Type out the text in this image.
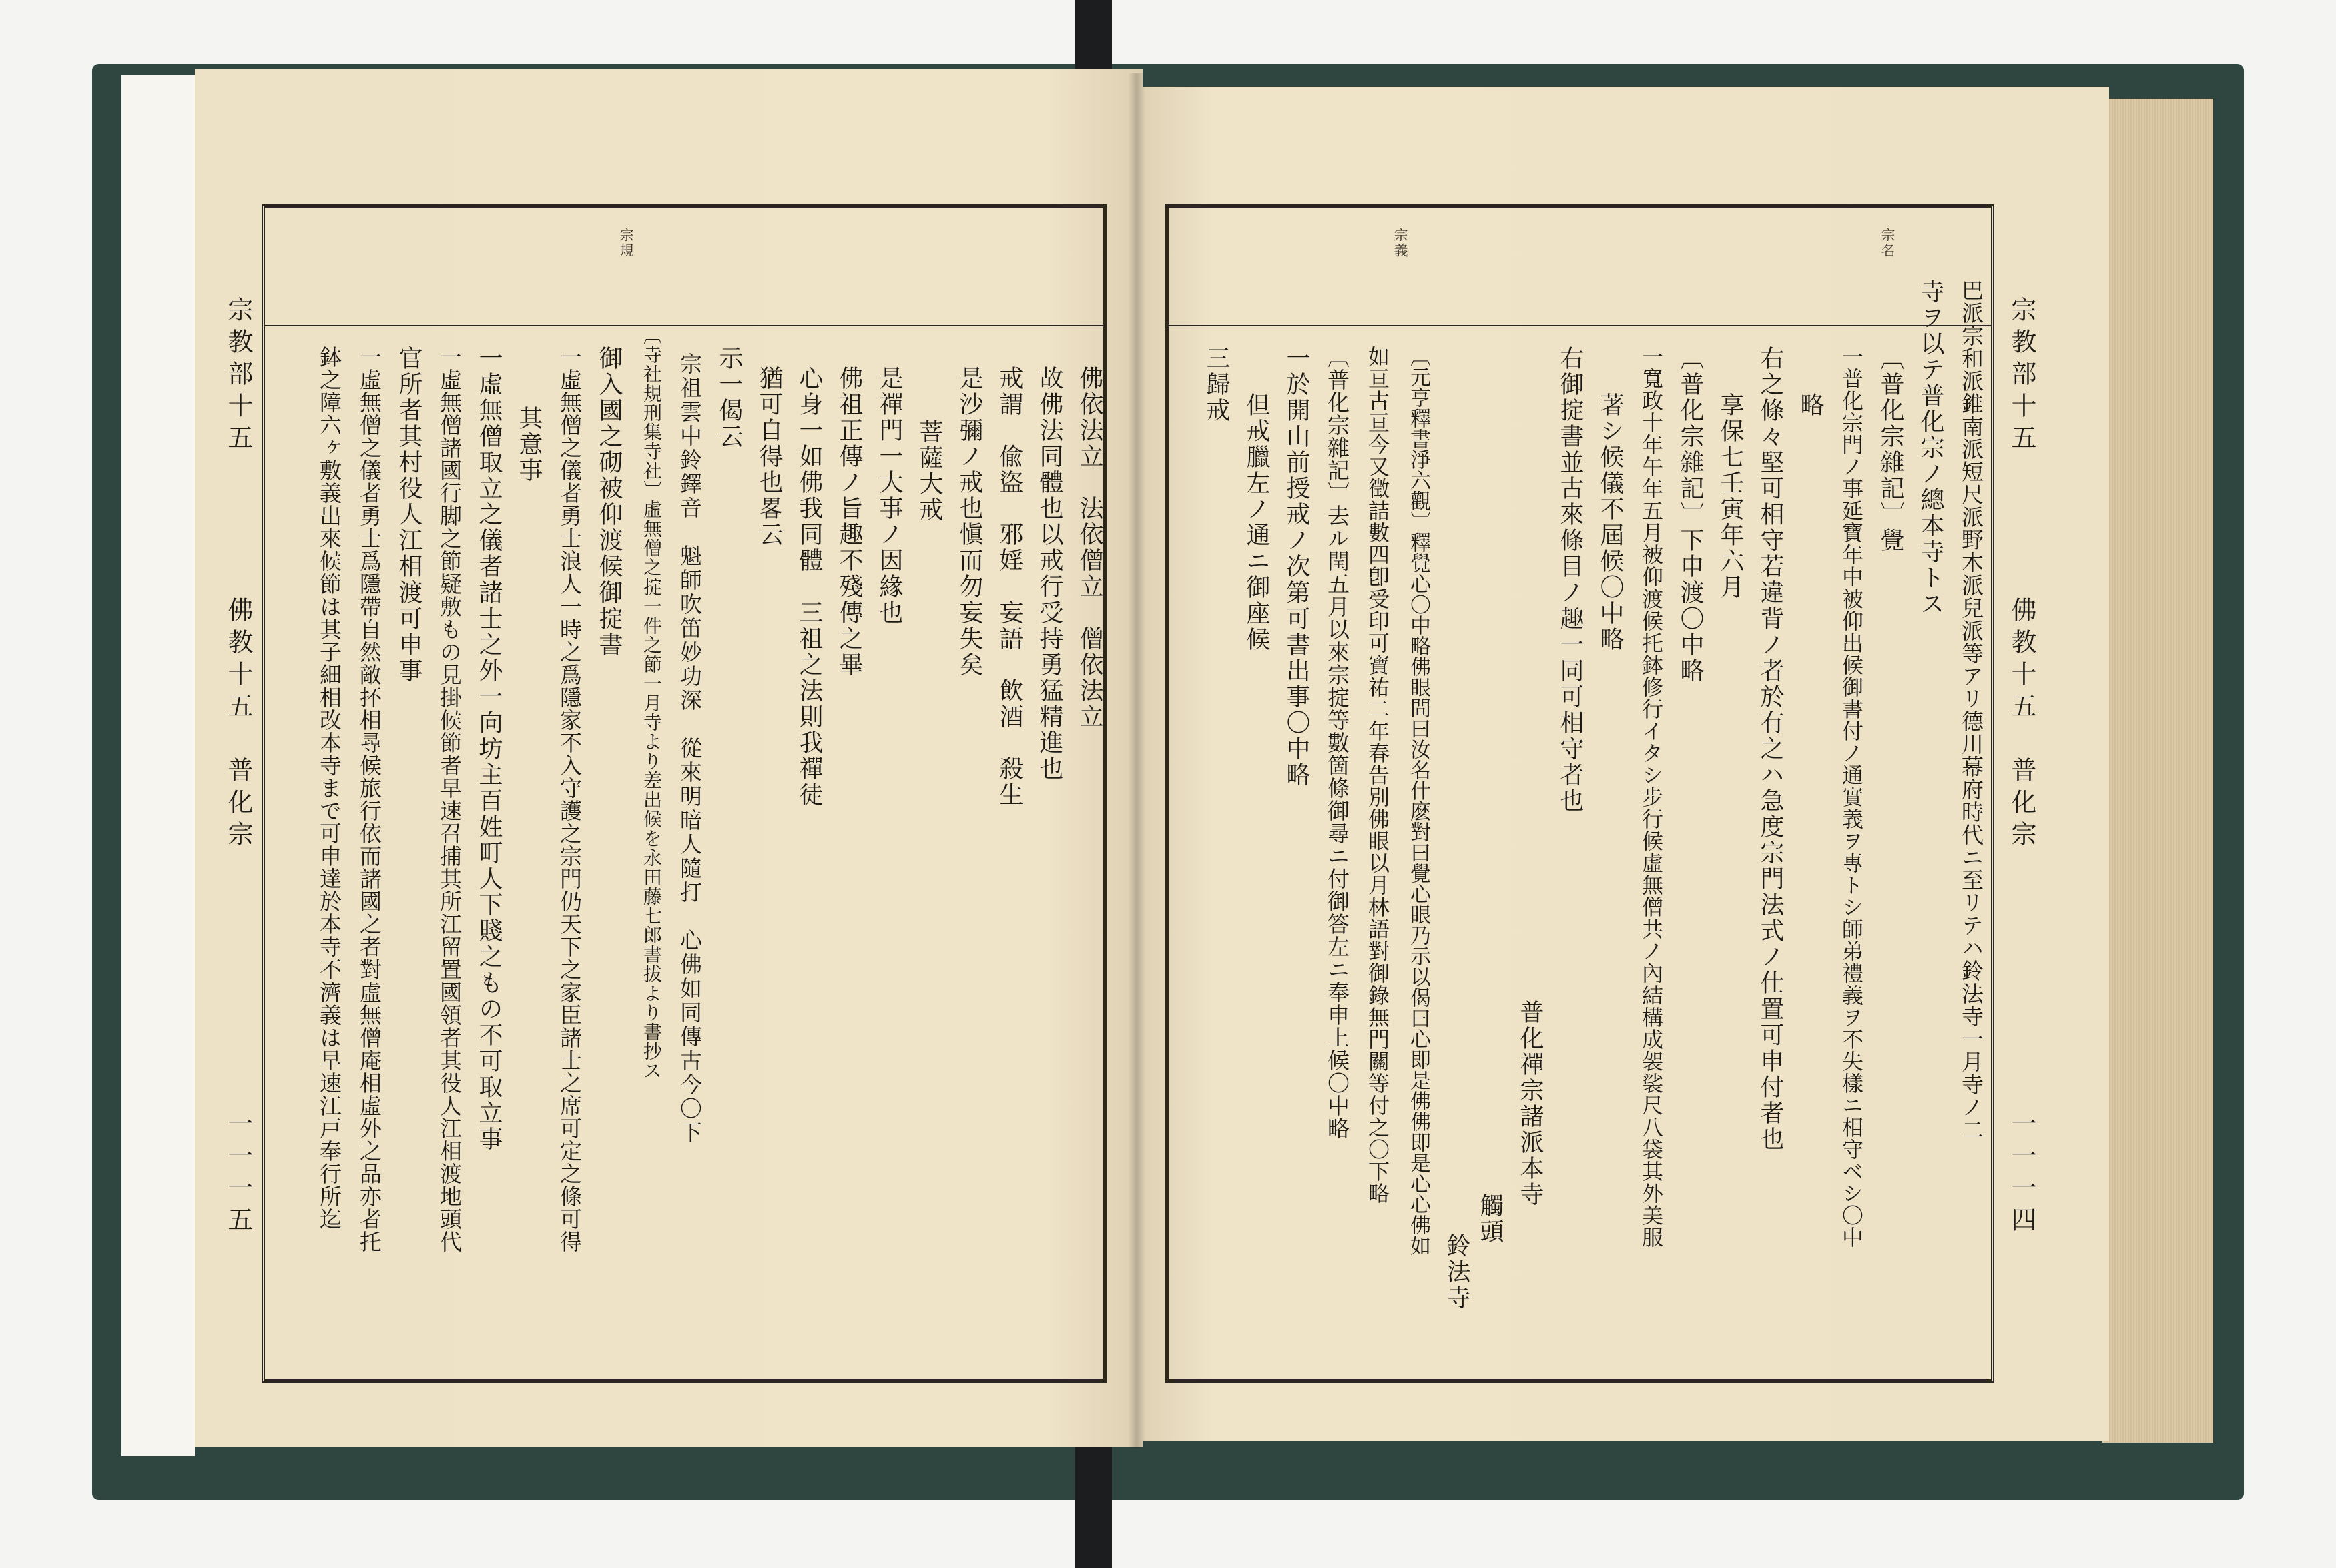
宗教部十五
佛教十五　普化宗
一一一五
宗規
佛依法立　法依僧立　僧依法立
故佛法同體也以戒行受持勇猛精進也
戒謂　偸盜　邪婬　妄語　飲酒　殺生
是沙彌ノ戒也愼而勿妄失矣
菩薩大戒
是禪門一大事ノ因緣也
佛祖正傳ノ旨趣不殘傳之畢
心身一如佛我同體　三祖之法則我禪徒
猶可自得也畧云
示一偈云
宗祖雲中鈴鐸音　魁師吹笛妙功深　從來明暗人隨打　心佛如同傳古今〇下
〔寺社規刑集寺社〕虛無僧之掟一件之節一月寺より差出候を永田藤七郎書拔より書抄ス
御入國之砌被仰渡候御掟書
一虛無僧之儀者勇士浪人一時之爲隱家不入守護之宗門仍天下之家臣諸士之席可定之條可得
其意事
一虛無僧取立之儀者諸士之外一向坊主百姓町人下賤之もの不可取立事
一虛無僧諸國行脚之節疑敷もの見掛候節者早速召捕其所江留置國領者其役人江相渡地頭代
官所者其村役人江相渡可申事
一虛無僧之儀者勇士爲隱帶自然敵抔相尋候旅行依而諸國之者對虛無僧庵相虛外之品亦者托
鉢之障六ヶ敷義出來候節は其子細相改本寺まで可申達於本寺不濟義は早速江戸奉行所迄	宗教部十五
佛教十五　普化宗
一一一四
宗名
宗義
巴派宗和派錐南派短尺派野木派兒派等アリ德川幕府時代ニ至リテハ鈴法寺一月寺ノ二
寺ヲ以テ普化宗ノ總本寺トス
〔普化宗雜記〕覺
一普化宗門ノ事延寶年中被仰出候御書付ノ通實義ヲ專トシ師弟禮義ヲ不失樣ニ相守ベシ〇中
略
右之條々堅可相守若違背ノ者於有之ハ急度宗門法式ノ仕置可申付者也
享保七壬寅年六月
〔普化宗雜記〕下申渡〇中略
一寬政十年午年五月被仰渡候托鉢修行イタシ步行候虛無僧共ノ內結構成袈裟尺八袋其外美服
著シ候儀不屆候〇中略
右御掟書並古來條目ノ趣一同可相守者也
普化禪宗諸派本寺
觸頭
鈴法寺
〔元亨釋書淨六觀〕釋覺心〇中略佛眼問曰汝名什麽對曰覺心眼乃示以偈曰心即是佛佛即是心心佛如
如亘古亘今又徵詰數四卽受印可寶祐二年春告別佛眼以月林語對御錄無門關等付之〇下略
〔普化宗雜記〕去ル閏五月以來宗掟等數箇條御尋ニ付御答左ニ奉申上候〇中略
一於開山前授戒ノ次第可書出事〇中略
但戒臘左ノ通ニ御座候
三歸戒
